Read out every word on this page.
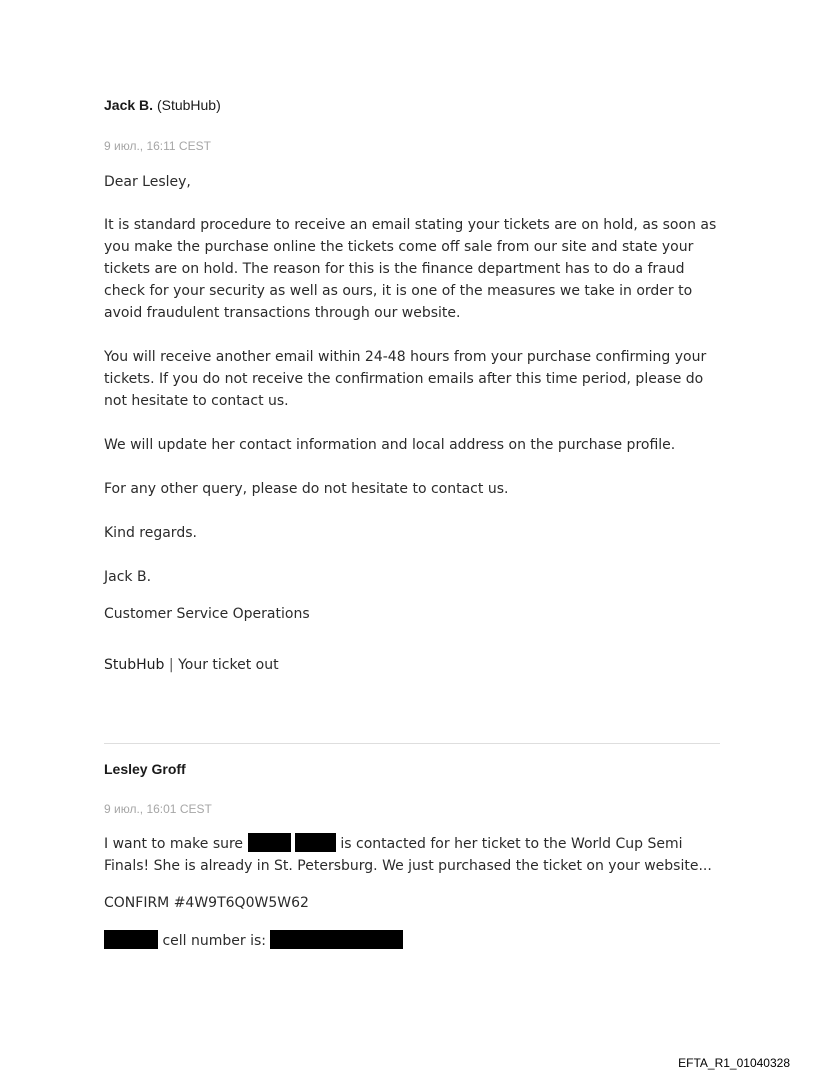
Jack B. (StubHub)
9 июл., 16:11 CEST

Dear Lesley,

It is standard procedure to receive an email stating your tickets are on hold, as soon as you make the purchase online the tickets come off sale from our site and state your tickets are on hold. The reason for this is the finance department has to do a fraud check for your security as well as ours, it is one of the measures we take in order to avoid fraudulent transactions through our website.

You will receive another email within 24-48 hours from your purchase confirming your tickets. If you do not receive the confirmation emails after this time period, please do not hesitate to contact us.

We will update her contact information and local address on the purchase profile.

For any other query, please do not hesitate to contact us.

Kind regards.

Jack B.

Customer Service Operations

StubHub | Your ticket out

Lesley Groff
9 июл., 16:01 CEST

I want to make sure	is contacted for her ticket to the World Cup Semi Finals! She is already in St. Petersburg. We just purchased the ticket on your website...

CONFIRM #4W9T6Q0W5W62

cell number is:

EFTA_R1_01040328
